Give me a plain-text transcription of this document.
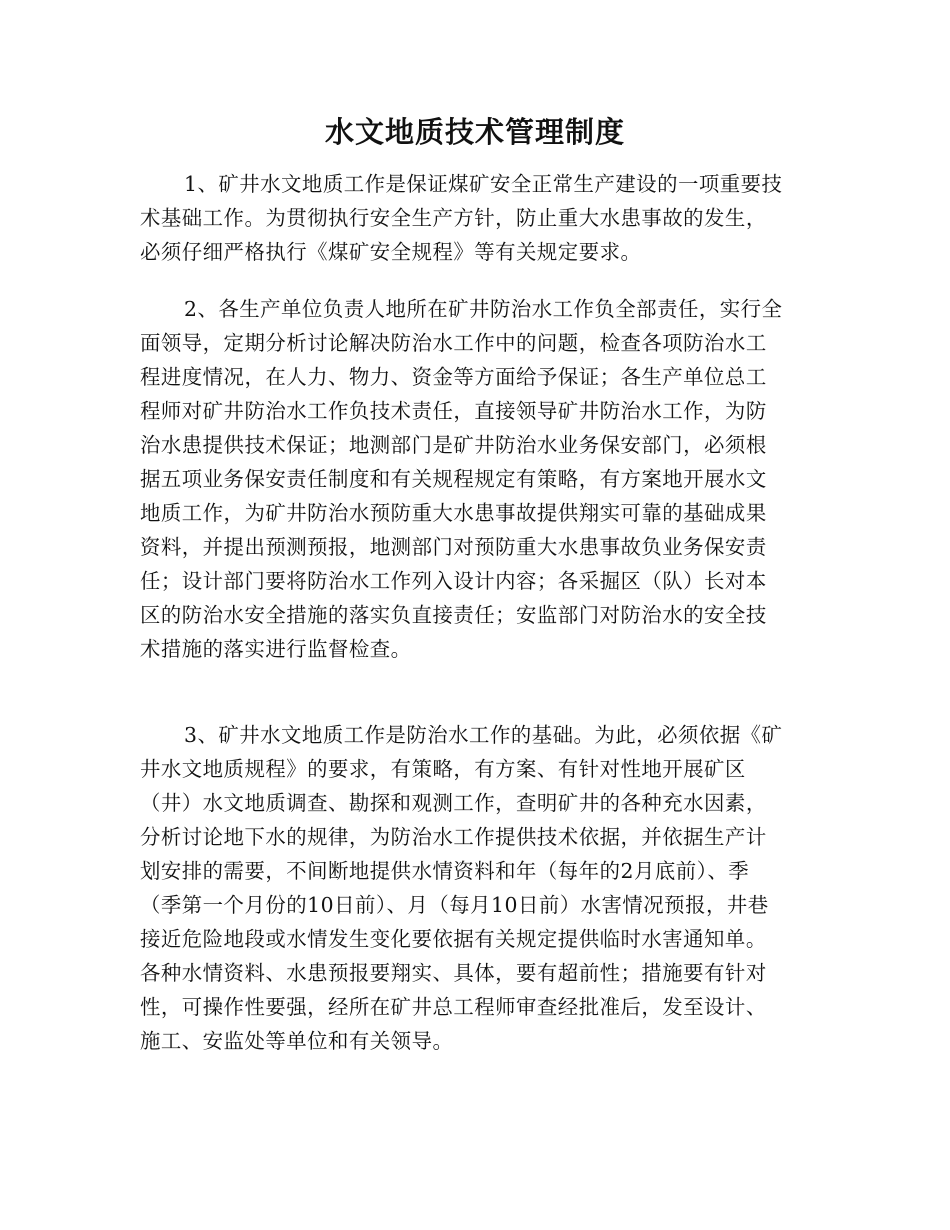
水文地质技术管理制度
1、矿井水文地质工作是保证煤矿安全正常生产建设的一项重要技
术基础工作。为贯彻执行安全生产方针，防止重大水患事故的发生，
必须仔细严格执行《煤矿安全规程》等有关规定要求。
2、各生产单位负责人地所在矿井防治水工作负全部责任，实行全
面领导，定期分析讨论解决防治水工作中的问题，检查各项防治水工
程进度情况，在人力、物力、资金等方面给予保证；各生产单位总工
程师对矿井防治水工作负技术责任，直接领导矿井防治水工作，为防
治水患提供技术保证；地测部门是矿井防治水业务保安部门，必须根
据五项业务保安责任制度和有关规程规定有策略，有方案地开展水文
地质工作，为矿井防治水预防重大水患事故提供翔实可靠的基础成果
资料，并提出预测预报，地测部门对预防重大水患事故负业务保安责
任；设计部门要将防治水工作列入设计内容；各采掘区（队）长对本
区的防治水安全措施的落实负直接责任；安监部门对防治水的安全技
术措施的落实进行监督检查。
3、矿井水文地质工作是防治水工作的基础。为此，必须依据《矿
井水文地质规程》的要求，有策略，有方案、有针对性地开展矿区
（井）水文地质调查、勘探和观测工作，查明矿井的各种充水因素，
分析讨论地下水的规律，为防治水工作提供技术依据，并依据生产计
划安排的需要，不间断地提供水情资料和年（每年的2月底前）、季
（季第一个月份的10日前）、月（每月10日前）水害情况预报，井巷
接近危险地段或水情发生变化要依据有关规定提供临时水害通知单。
各种水情资料、水患预报要翔实、具体，要有超前性；措施要有针对
性，可操作性要强，经所在矿井总工程师审查经批准后，发至设计、
施工、安监处等单位和有关领导。
